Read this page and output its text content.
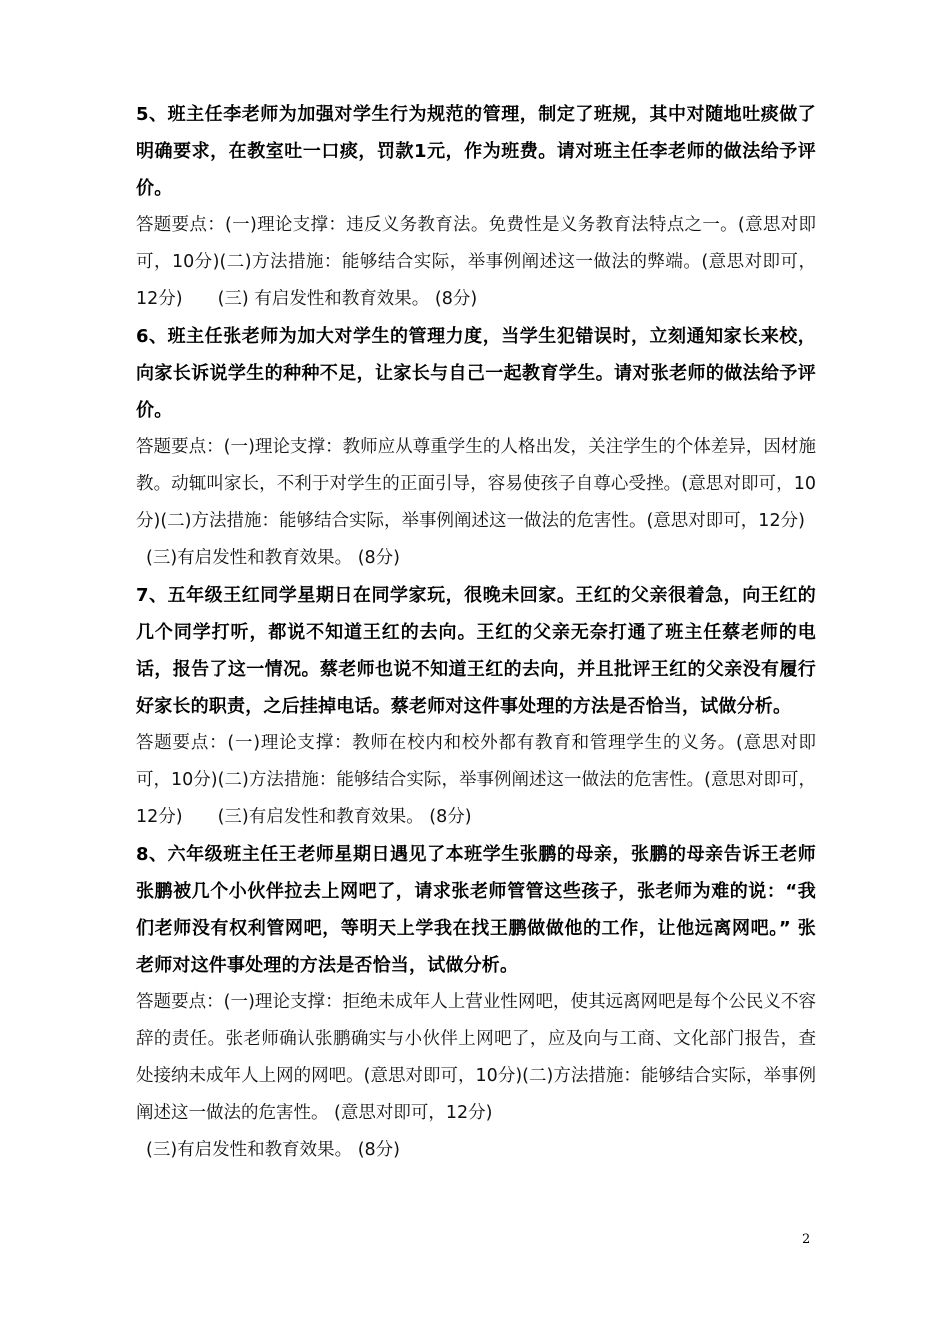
5、班主任李老师为加强对学生行为规范的管理，制定了班规，其中对随地吐痰做了明确要求，在教室吐一口痰，罚款1元，作为班费。请对班主任李老师的做法给予评价。

答题要点：(一)理论支撑：违反义务教育法。免费性是义务教育法特点之一。(意思对即可，10分)(二)方法措施：能够结合实际，举事例阐述这一做法的弊端。(意思对即可，12分)　　(三) 有启发性和教育效果。 (8分)

6、班主任张老师为加大对学生的管理力度，当学生犯错误时，立刻通知家长来校，向家长诉说学生的种种不足，让家长与自己一起教育学生。请对张老师的做法给予评价。

答题要点：(一)理论支撑：教师应从尊重学生的人格出发，关注学生的个体差异，因材施教。动辄叫家长，不利于对学生的正面引导，容易使孩子自尊心受挫。(意思对即可，10分)(二)方法措施：能够结合实际，举事例阐述这一做法的危害性。(意思对即可，12分)

(三)有启发性和教育效果。 (8分)

7、五年级王红同学星期日在同学家玩，很晚未回家。王红的父亲很着急，向王红的几个同学打听，都说不知道王红的去向。王红的父亲无奈打通了班主任蔡老师的电话，报告了这一情况。蔡老师也说不知道王红的去向，并且批评王红的父亲没有履行好家长的职责，之后挂掉电话。蔡老师对这件事处理的方法是否恰当，试做分析。

答题要点：(一)理论支撑：教师在校内和校外都有教育和管理学生的义务。(意思对即可，10分)(二)方法措施：能够结合实际，举事例阐述这一做法的危害性。(意思对即可，12分)　　(三)有启发性和教育效果。 (8分)

8、六年级班主任王老师星期日遇见了本班学生张鹏的母亲，张鹏的母亲告诉王老师张鹏被几个小伙伴拉去上网吧了，请求张老师管管这些孩子，张老师为难的说：“我们老师没有权利管网吧，等明天上学我在找王鹏做做他的工作，让他远离网吧。” 张老师对这件事处理的方法是否恰当，试做分析。

答题要点：(一)理论支撑：拒绝未成年人上营业性网吧，使其远离网吧是每个公民义不容辞的责任。张老师确认张鹏确实与小伙伴上网吧了，应及向与工商、文化部门报告，查处接纳未成年人上网的网吧。(意思对即可，10分)(二)方法措施：能够结合实际，举事例阐述这一做法的危害性。 (意思对即可，12分)

(三)有启发性和教育效果。 (8分)

2
